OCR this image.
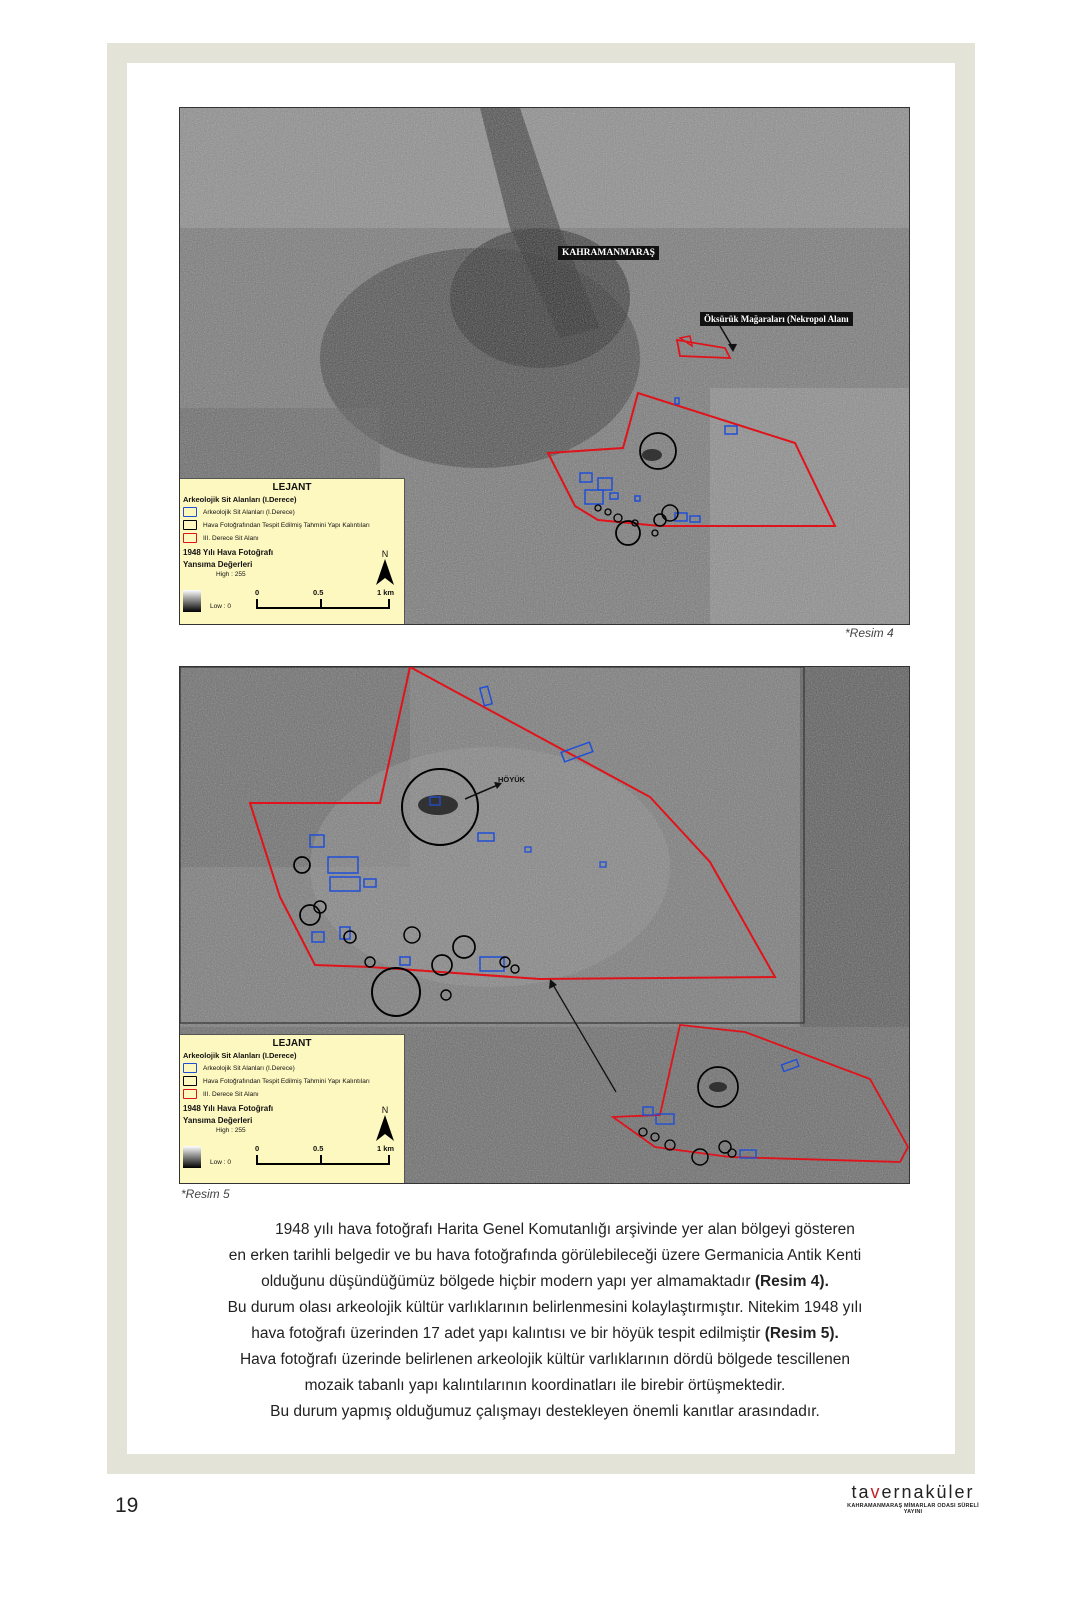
KAHRAMANMARAŞ
Öksürük Mağaraları (Nekropol Alanı
LEJANT
Arkeolojik Sit Alanları (I.Derece)
Arkeolojik Sit Alanları (I.Derece)
Hava Fotoğrafından Tespit Edilmiş Tahmini Yapı Kalıntıları
III. Derece Sit Alanı
1948 Yılı Hava Fotoğrafı
Yansıma Değerleri
High : 255
Low : 0
N
0	0.5	1 km
*Resim 4
HÖYÜK
LEJANT
Arkeolojik Sit Alanları (I.Derece)
Arkeolojik Sit Alanları (I.Derece)
Hava Fotoğrafından Tespit Edilmiş Tahmini Yapı Kalıntıları
III. Derece Sit Alanı
1948 Yılı Hava Fotoğrafı
Yansıma Değerleri
High : 255
Low : 0
N
0	0.5	1 km
*Resim 5
1948 yılı hava fotoğrafı Harita Genel Komutanlığı arşivinde yer alan bölgeyi gösteren
en erken tarihli belgedir ve bu hava fotoğrafında görülebileceği üzere Germanicia Antik Kenti
olduğunu düşündüğümüz bölgede hiçbir modern yapı yer almamaktadır (Resim 4).
Bu durum olası arkeolojik kültür varlıklarının belirlenmesini kolaylaştırmıştır. Nitekim 1948 yılı
hava fotoğrafı üzerinden 17 adet yapı kalıntısı ve bir höyük tespit edilmiştir (Resim 5).
Hava fotoğrafı üzerinde belirlenen arkeolojik kültür varlıklarının dördü bölgede tescillenen
mozaik tabanlı yapı kalıntılarının koordinatları ile birebir örtüşmektedir.
Bu durum yapmış olduğumuz çalışmayı destekleyen önemli kanıtlar arasındadır.
19
tavernaküler
KAHRAMANMARAŞ MİMARLAR ODASI SÜRELİ YAYINI
